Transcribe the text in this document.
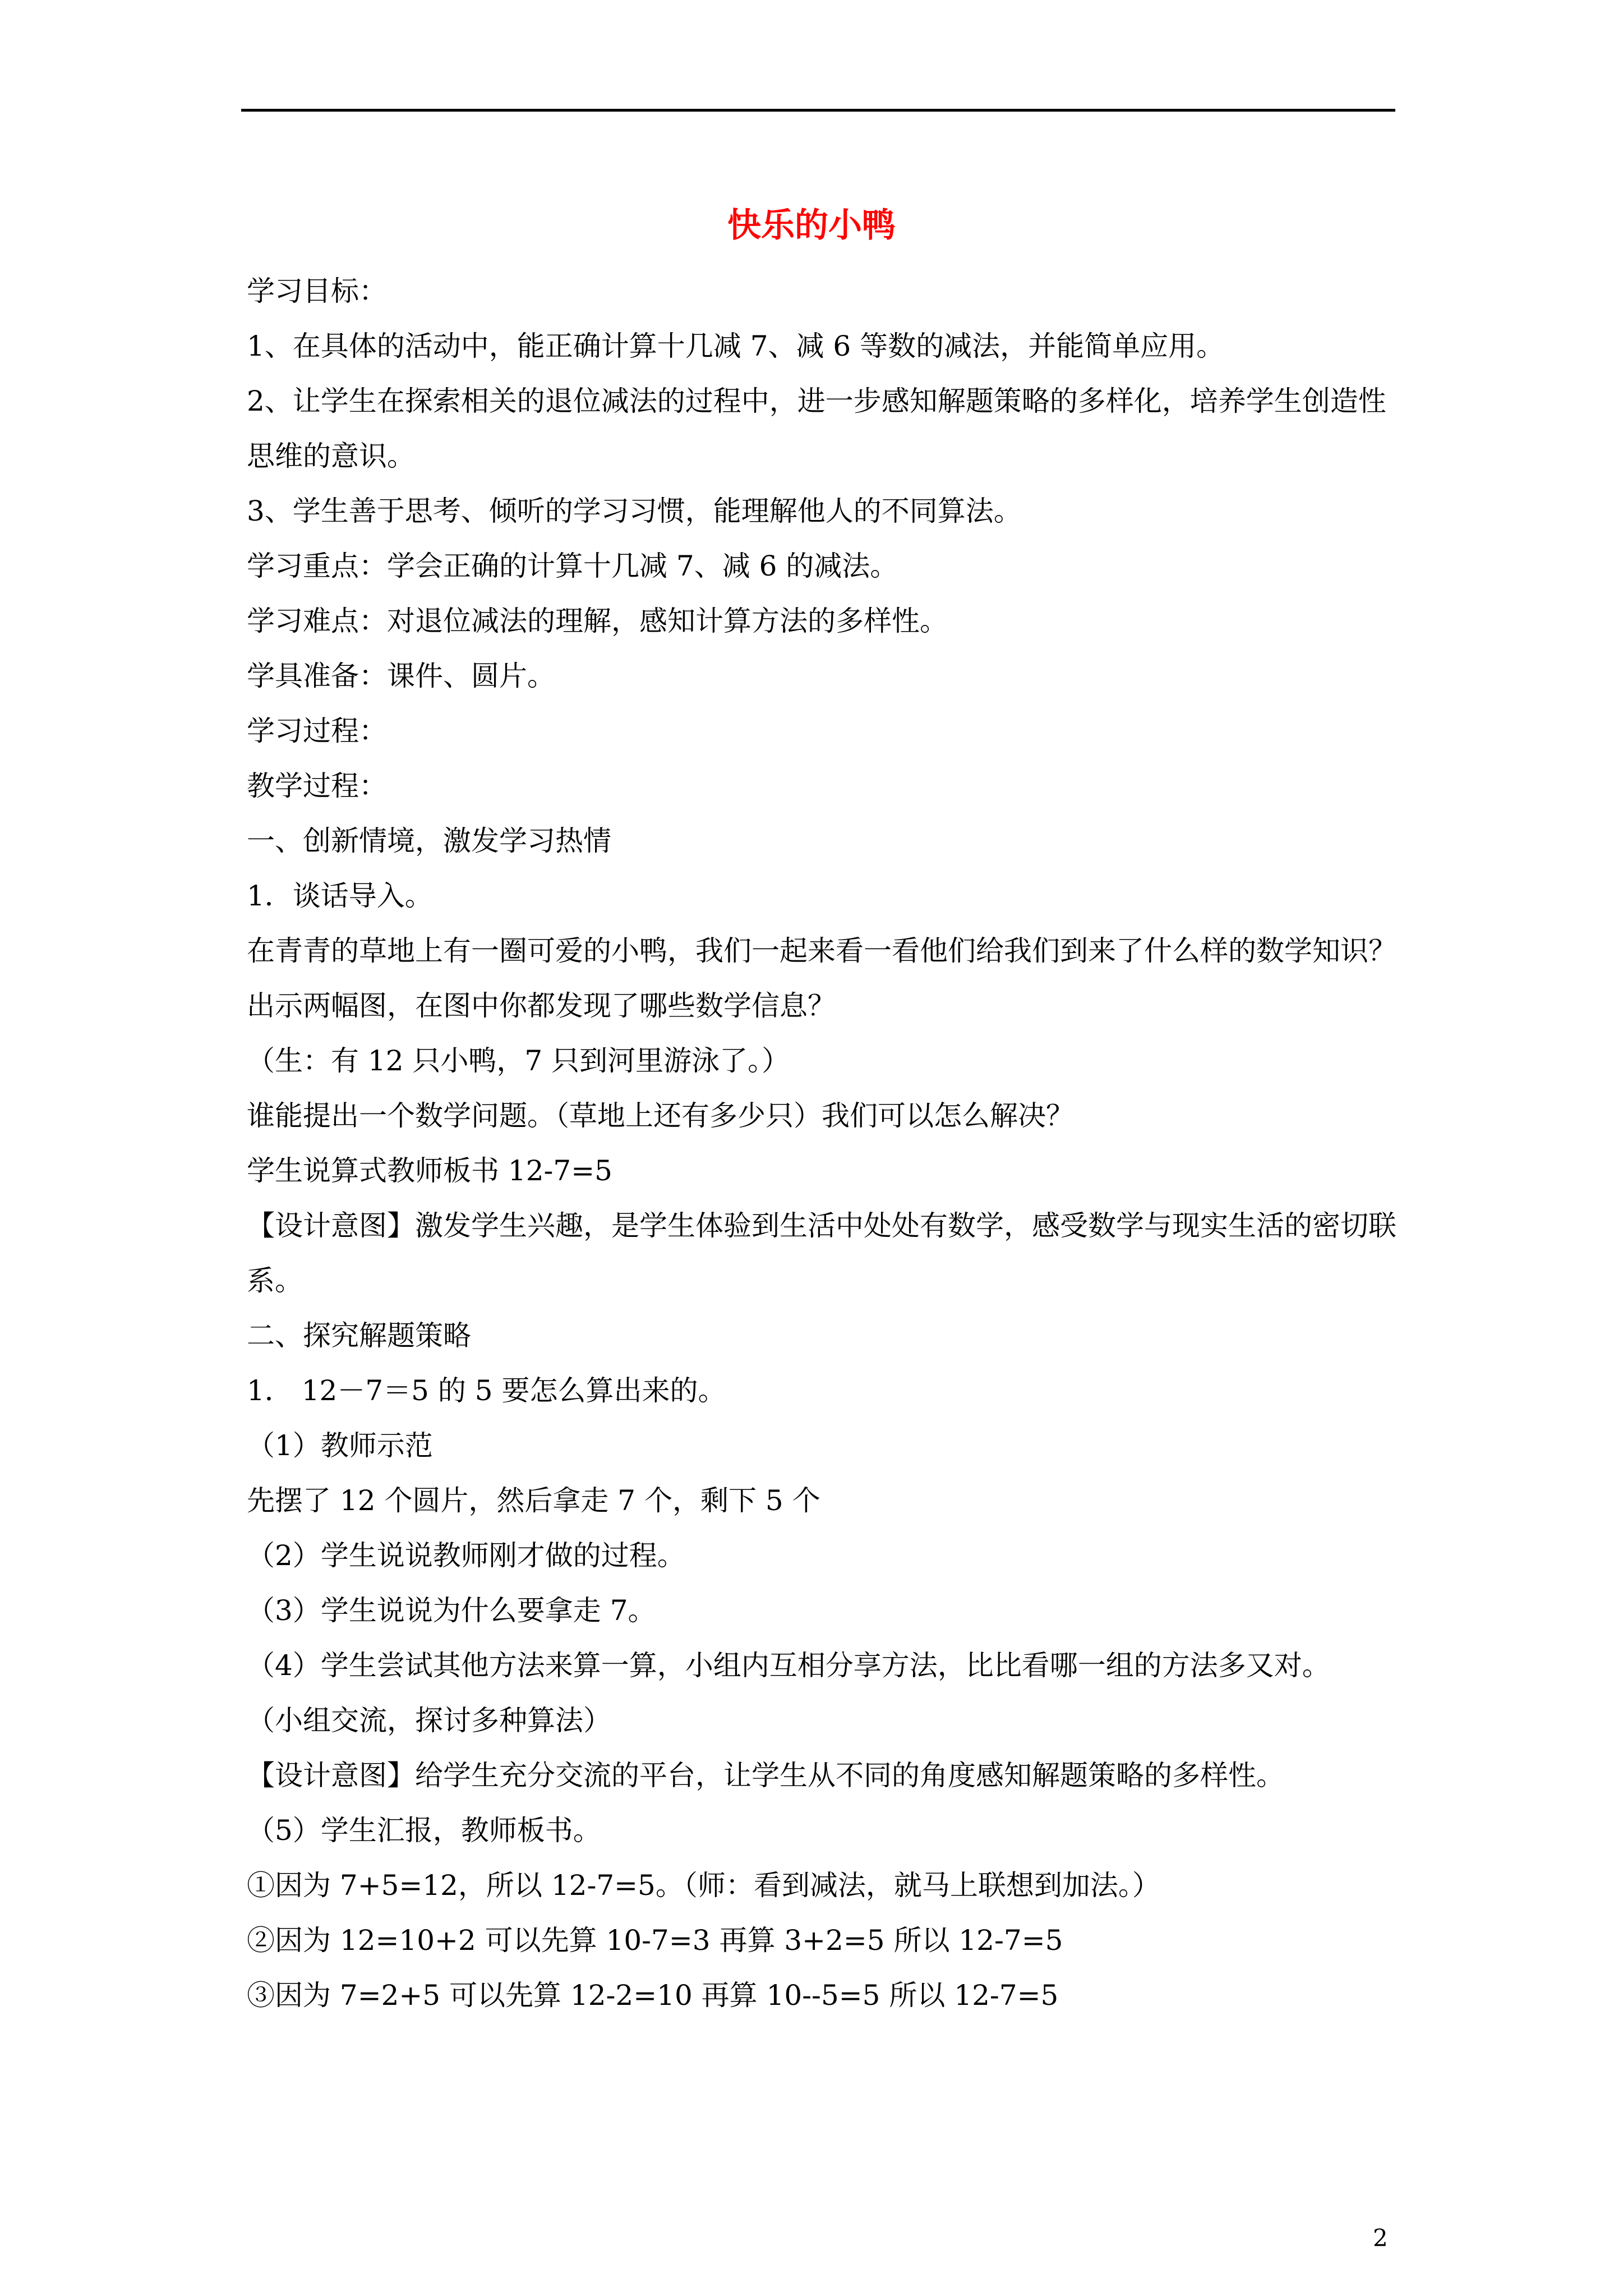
快乐的小鸭

学习目标：

1、在具体的活动中，能正确计算十几减 7、减 6 等数的减法，并能简单应用。

2、让学生在探索相关的退位减法的过程中，进一步感知解题策略的多样化，培养学生创造性思维的意识。

3、学生善于思考、倾听的学习习惯，能理解他人的不同算法。

学习重点：学会正确的计算十几减 7、减 6 的减法。

学习难点：对退位减法的理解，感知计算方法的多样性。

学具准备：课件、圆片。

学习过程：

教学过程：

一、创新情境，激发学习热情

1．谈话导入。

在青青的草地上有一圈可爱的小鸭，我们一起来看一看他们给我们到来了什么样的数学知识？

出示两幅图，在图中你都发现了哪些数学信息？

（生：有 12 只小鸭，7 只到河里游泳了。）

谁能提出一个数学问题。（草地上还有多少只）我们可以怎么解决？

学生说算式教师板书 12-7=5

【设计意图】激发学生兴趣，是学生体验到生活中处处有数学，感受数学与现实生活的密切联系。

二、探究解题策略

1． 12－7＝5 的 5 要怎么算出来的。

（1）教师示范

先摆了 12 个圆片，然后拿走 7 个，剩下 5 个

（2）学生说说教师刚才做的过程。

（3）学生说说为什么要拿走 7。

（4）学生尝试其他方法来算一算，小组内互相分享方法，比比看哪一组的方法多又对。

（小组交流，探讨多种算法）

【设计意图】给学生充分交流的平台，让学生从不同的角度感知解题策略的多样性。

（5）学生汇报，教师板书。

①因为 7+5=12，所以 12-7=5。（师：看到减法，就马上联想到加法。）

②因为 12=10+2 可以先算 10-7=3 再算 3+2=5 所以 12-7=5

③因为 7=2+5 可以先算 12-2=10 再算 10--5=5 所以 12-7=5

2
